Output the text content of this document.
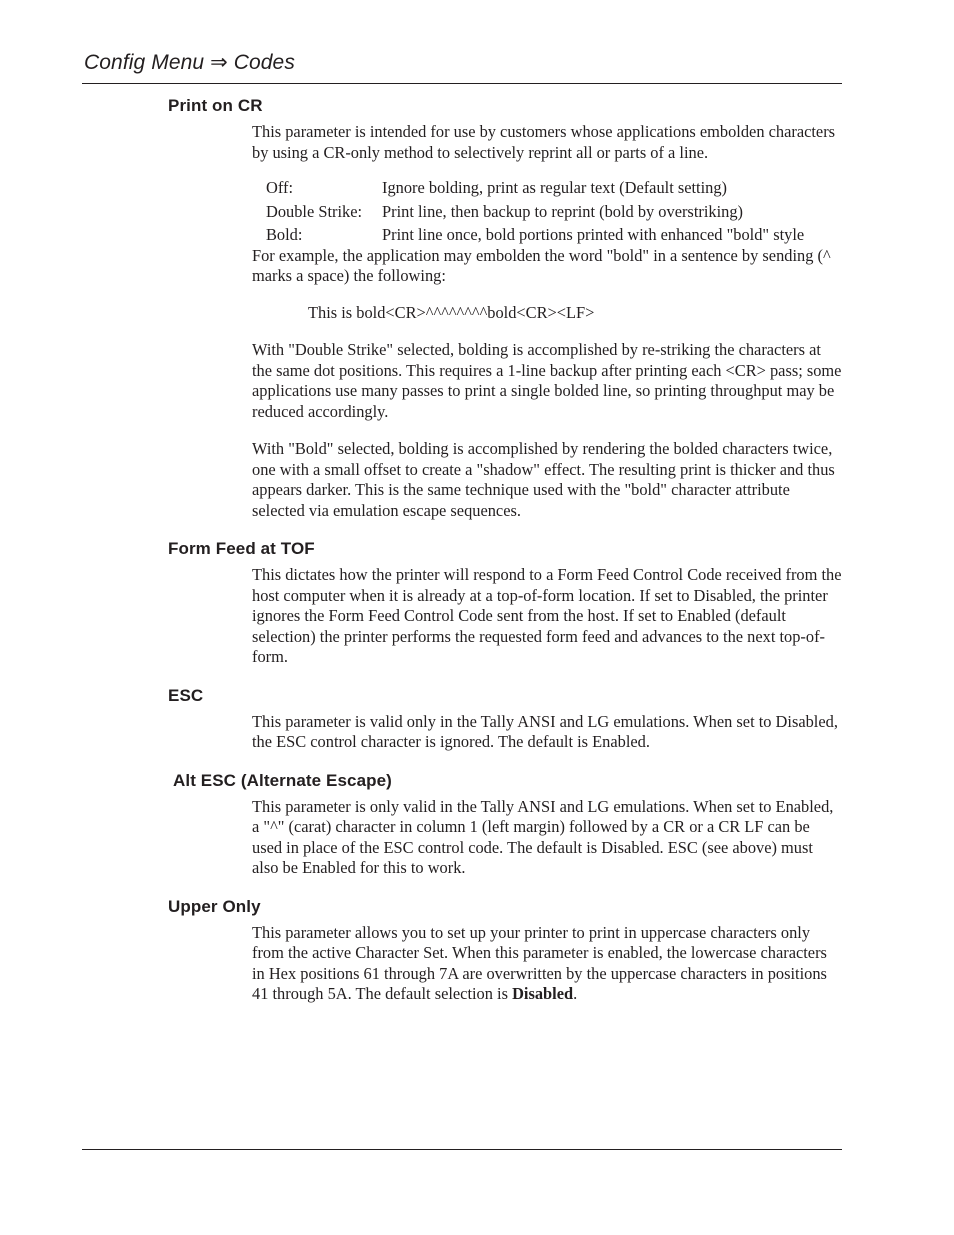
Config Menu ⇒ Codes
Print on CR

This parameter is intended for use by customers whose applications embolden characters by using a CR-only method to selectively reprint all or parts of a line.

Off:	Ignore bolding, print as regular text (Default setting)
Double Strike:	Print line, then backup to reprint (bold by overstriking)
Bold:	Print line once, bold portions printed with enhanced "bold" style

For example, the application may embolden the word "bold" in a sentence by sending (^ marks a space) the following:

This is bold<CR>^^^^^^^^bold<CR><LF>

With "Double Strike" selected, bolding is accomplished by re-striking the characters at the same dot positions. This requires a 1-line backup after printing each <CR> pass; some applications use many passes to print a single bolded line, so printing throughput may be reduced accordingly.

With "Bold" selected, bolding is accomplished by rendering the bolded characters twice, one with a small offset to create a "shadow" effect. The resulting print is thicker and thus appears darker. This is the same technique used with the "bold" character attribute selected via emulation escape sequences.

Form Feed at TOF

This dictates how the printer will respond to a Form Feed Control Code received from the host computer when it is already at a top-of-form location. If set to Disabled, the printer ignores the Form Feed Control Code sent from the host. If set to Enabled (default selection) the printer performs the requested form feed and advances to the next top-of-form.

ESC

This parameter is valid only in the Tally ANSI and LG emulations. When set to Disabled, the ESC control character is ignored. The default is Enabled.

Alt ESC (Alternate Escape)

This parameter is only valid in the Tally ANSI and LG emulations. When set to Enabled, a "^" (carat) character in column 1 (left margin) followed by a CR or a CR LF can be used in place of the ESC control code. The default is Disabled. ESC (see above) must also be Enabled for this to work.

Upper Only

This parameter allows you to set up your printer to print in uppercase characters only from the active Character Set. When this parameter is enabled, the lowercase characters in Hex positions 61 through 7A are overwritten by the uppercase characters in positions 41 through 5A. The default selection is Disabled.
